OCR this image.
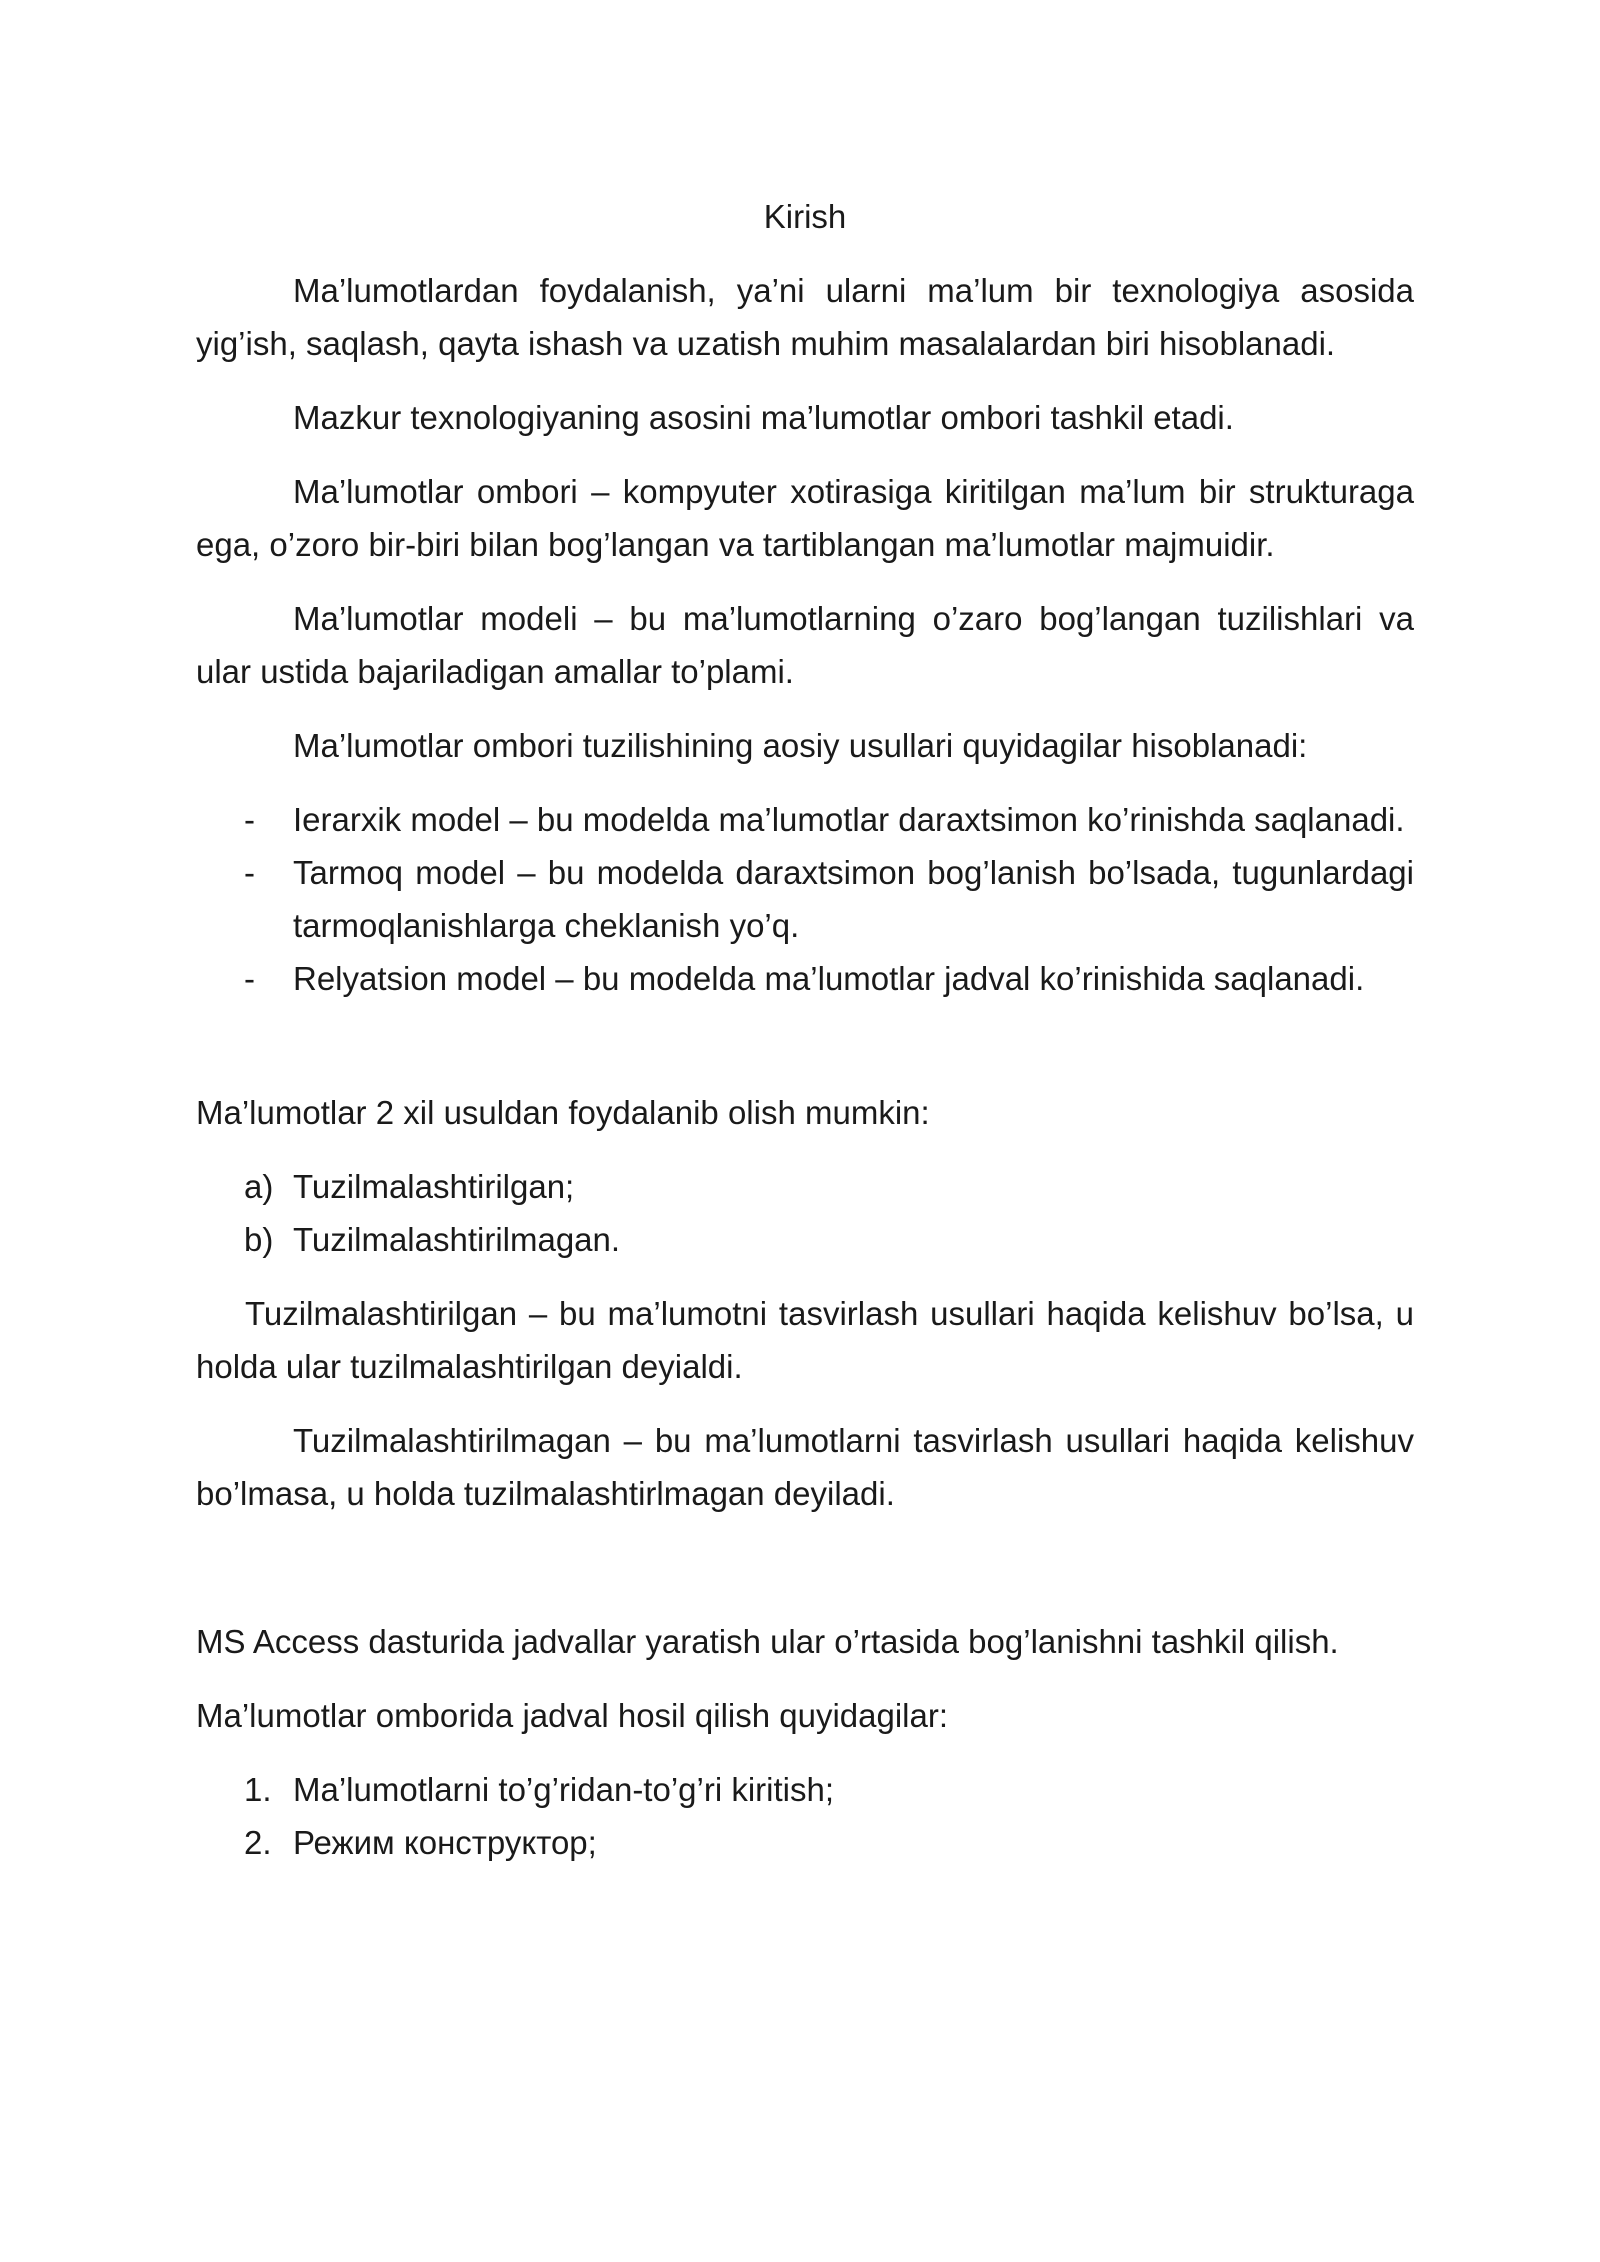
Kirish

Ma’lumotlardan foydalanish, ya’ni ularni ma’lum bir texnologiya asosida yig’ish, saqlash, qayta ishash va uzatish muhim masalalardan biri hisoblanadi.

Mazkur texnologiyaning asosini ma’lumotlar ombori tashkil etadi.

Ma’lumotlar ombori – kompyuter xotirasiga kiritilgan ma’lum bir strukturaga ega, o’zoro bir-biri bilan bog’langan va tartiblangan ma’lumotlar majmuidir.

Ma’lumotlar modeli – bu ma’lumotlarning o’zaro bog’langan tuzilishlari va ular ustida bajariladigan amallar to’plami.

Ma’lumotlar ombori tuzilishining aosiy usullari quyidagilar hisoblanadi:

- Ierarxik model – bu modelda ma’lumotlar daraxtsimon ko’rinishda saqlanadi.
- Tarmoq model – bu modelda daraxtsimon bog’lanish bo’lsada, tugunlardagi tarmoqlanishlarga cheklanish yo’q.
- Relyatsion model – bu modelda ma’lumotlar jadval ko’rinishida saqlanadi.

Ma’lumotlar 2 xil usuldan foydalanib olish mumkin:

a) Tuzilmalashtirilgan;
b) Tuzilmalashtirilmagan.

Tuzilmalashtirilgan – bu ma’lumotni tasvirlash usullari haqida kelishuv bo’lsa, u holda ular tuzilmalashtirilgan deyialdi.

Tuzilmalashtirilmagan – bu ma’lumotlarni tasvirlash usullari haqida kelishuv bo’lmasa, u holda tuzilmalashtirlmagan deyiladi.

MS Access dasturida jadvallar yaratish ular o’rtasida bog’lanishni tashkil qilish.

Ma’lumotlar omborida jadval hosil qilish quyidagilar:

1. Ma’lumotlarni to’g’ridan-to’g’ri kiritish;
2. Режим конструктор;
